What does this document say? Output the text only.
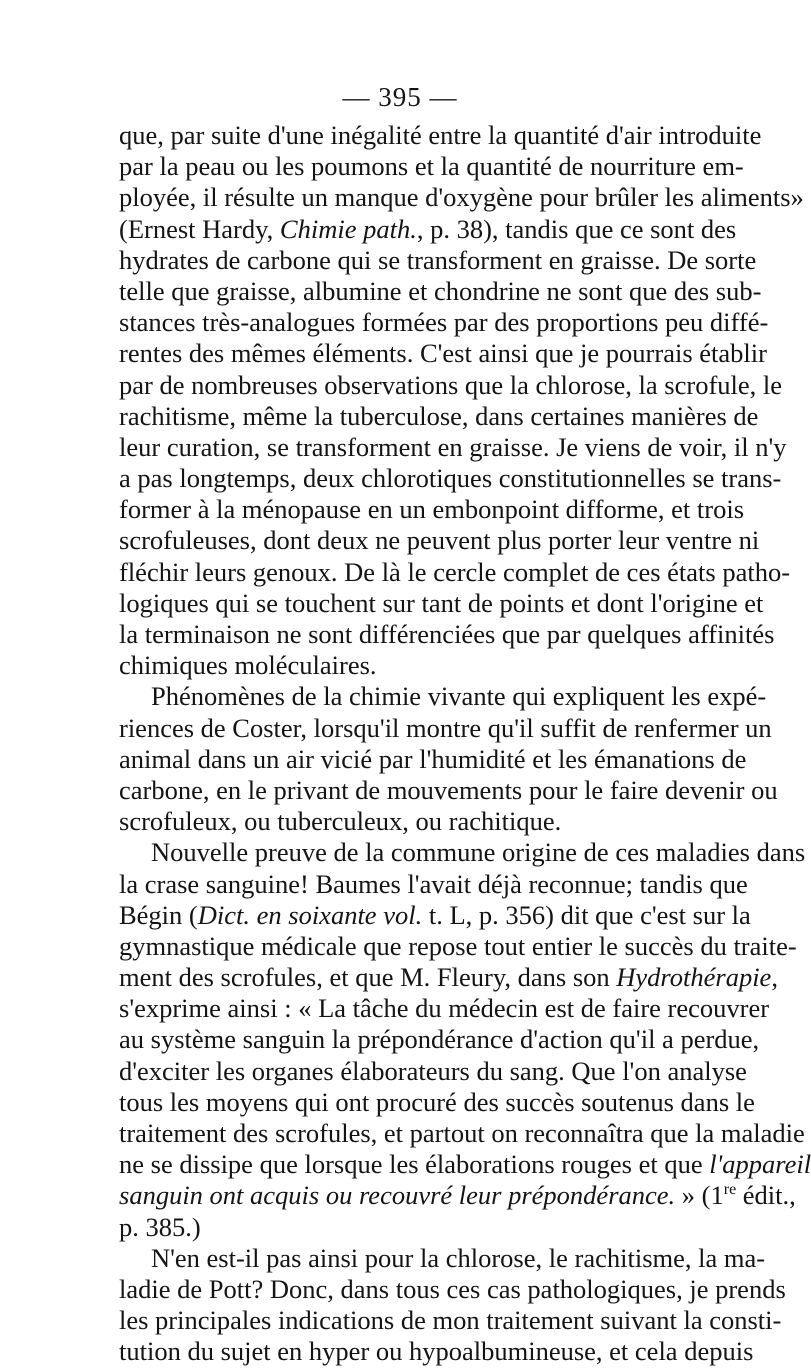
— 395 —
que, par suite d'une inégalité entre la quantité d'air introduite
par la peau ou les poumons et la quantité de nourriture em-
ployée, il résulte un manque d'oxygène pour brûler les aliments»
(Ernest Hardy, Chimie path., p. 38), tandis que ce sont des
hydrates de carbone qui se transforment en graisse. De sorte
telle que graisse, albumine et chondrine ne sont que des sub-
stances très-analogues formées par des proportions peu diffé-
rentes des mêmes éléments. C'est ainsi que je pourrais établir
par de nombreuses observations que la chlorose, la scrofule, le
rachitisme, même la tuberculose, dans certaines manières de
leur curation, se transforment en graisse. Je viens de voir, il n'y
a pas longtemps, deux chlorotiques constitutionnelles se trans-
former à la ménopause en un embonpoint difforme, et trois
scrofuleuses, dont deux ne peuvent plus porter leur ventre ni
fléchir leurs genoux. De là le cercle complet de ces états patho-
logiques qui se touchent sur tant de points et dont l'origine et
la terminaison ne sont différenciées que par quelques affinités
chimiques moléculaires.
Phénomènes de la chimie vivante qui expliquent les expé-
riences de Coster, lorsqu'il montre qu'il suffit de renfermer un
animal dans un air vicié par l'humidité et les émanations de
carbone, en le privant de mouvements pour le faire devenir ou
scrofuleux, ou tuberculeux, ou rachitique.
Nouvelle preuve de la commune origine de ces maladies dans
la crase sanguine! Baumes l'avait déjà reconnue; tandis que
Bégin (Dict. en soixante vol. t. L, p. 356) dit que c'est sur la
gymnastique médicale que repose tout entier le succès du traite-
ment des scrofules, et que M. Fleury, dans son Hydrothérapie,
s'exprime ainsi : « La tâche du médecin est de faire recouvrer
au système sanguin la prépondérance d'action qu'il a perdue,
d'exciter les organes élaborateurs du sang. Que l'on analyse
tous les moyens qui ont procuré des succès soutenus dans le
traitement des scrofules, et partout on reconnaîtra que la maladie
ne se dissipe que lorsque les élaborations rouges et que l'appareil
sanguin ont acquis ou recouvré leur prépondérance. » (1re édit.,
p. 385.)
N'en est-il pas ainsi pour la chlorose, le rachitisme, la ma-
ladie de Pott? Donc, dans tous ces cas pathologiques, je prends
les principales indications de mon traitement suivant la consti-
tution du sujet en hyper ou hypoalbumineuse, et cela depuis
